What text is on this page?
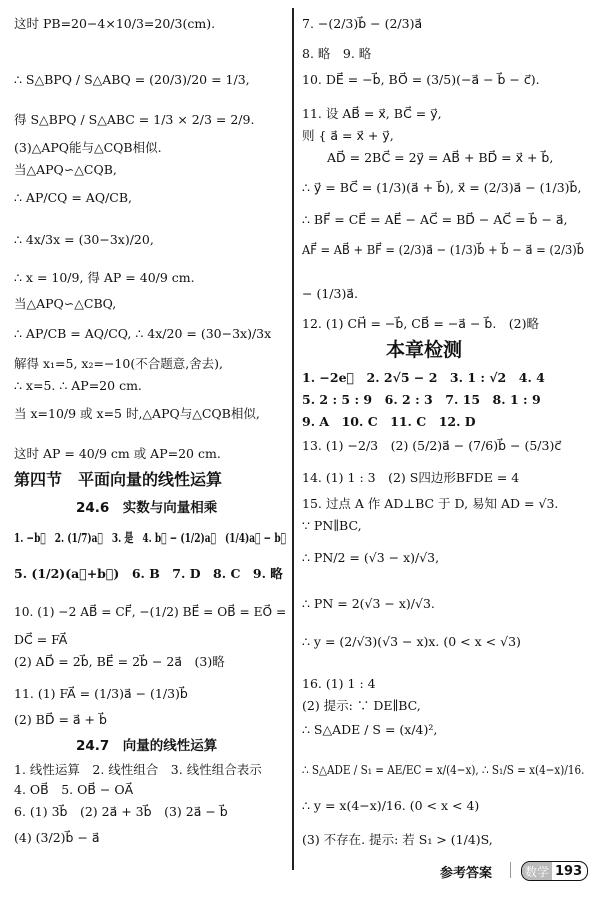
这时 PB=20−4×10/3=20/3(cm).
∴ S△BPQ / S△ABQ = (20/3)/20 = 1/3,
得 S△BPQ / S△ABC = 1/3 × 2/3 = 2/9.
(3)△APQ能与△CQB相似.
当△APQ∽△CQB,
∴ AP/CQ = AQ/CB,
∴ 4x/3x = (30−3x)/20,
∴ x = 10/9, 得 AP = 40/9 cm.
当△APQ∽△CBQ,
∴ AP/CB = AQ/CQ, ∴ 4x/20 = (30−3x)/3x
解得 x₁=5, x₂=−10(不合题意,舍去),
∴ x=5. ∴ AP=20 cm.
当 x=10/9 或 x=5 时,△APQ与△CQB相似,
这时 AP = 40/9 cm 或 AP=20 cm.
第四节　平面向量的线性运算
24.6　实数与向量相乘
1. −b⃗　2. (1/7)a⃗　3. 是　4. b⃗ − (1/2)a⃗　(1/4)a⃗ − b⃗
5. (1/2)(a⃗+b⃗)　6. B　7. D　8. C　9. 略
10. (1) −2 AB⃗ = CF⃗, −(1/2) BE⃗ = OB⃗ = EO⃗ =
DC⃗ = FA⃗
(2) AD⃗ = 2b⃗, BE⃗ = 2b⃗ − 2a⃗　(3)略
11. (1) FA⃗ = (1/3)a⃗ − (1/3)b⃗
(2) BD⃗ = a⃗ + b⃗
24.7　向量的线性运算
1. 线性运算　2. 线性组合　3. 线性组合表示
4. OB⃗　5. OB⃗ − OA⃗
6. (1) 3b⃗　(2) 2a⃗ + 3b⃗　(3) 2a⃗ − b⃗
(4) (3/2)b⃗ − a⃗
7. −(2/3)b⃗ − (2/3)a⃗
8. 略　9. 略
10. DE⃗ = −b⃗, BO⃗ = (3/5)(−a⃗ − b⃗ − c⃗).
11. 设 AB⃗ = x⃗, BC⃗ = y⃗,
则 { a⃗ = x⃗ + y⃗,
　　AD⃗ = 2BC⃗ = 2y⃗ = AB⃗ + BD⃗ = x⃗ + b⃗,
∴ y⃗ = BC⃗ = (1/3)(a⃗ + b⃗), x⃗ = (2/3)a⃗ − (1/3)b⃗,
∴ BF⃗ = CE⃗ = AE⃗ − AC⃗ = BD⃗ − AC⃗ = b⃗ − a⃗,
AF⃗ = AB⃗ + BF⃗ = (2/3)a⃗ − (1/3)b⃗ + b⃗ − a⃗ = (2/3)b⃗
− (1/3)a⃗.
12. (1) CH⃗ = −b⃗, CB⃗ = −a⃗ − b⃗.　(2)略
本章检测
1. −2e⃗　2. 2√5 − 2　3. 1 : √2　4. 4
5. 2 : 5 : 9　6. 2 : 3　7. 15　8. 1 : 9
9. A　10. C　11. C　12. D
13. (1) −2/3　(2) (5/2)a⃗ − (7/6)b⃗ − (5/3)c⃗
14. (1) 1 : 3　(2) S四边形BFDE = 4
15. 过点 A 作 AD⊥BC 于 D, 易知 AD = √3.
∵ PN∥BC,
∴ PN/2 = (√3 − x)/√3,
∴ PN = 2(√3 − x)/√3.
∴ y = (2/√3)(√3 − x)x. (0 < x < √3)
16. (1) 1 : 4
(2) 提示: ∵ DE∥BC,
∴ S△ADE / S = (x/4)²,
∴ S△ADE / S₁ = AE/EC = x/(4−x), ∴ S₁/S = x(4−x)/16.
∴ y = x(4−x)/16. (0 < x < 4)
(3) 不存在. 提示: 若 S₁ > (1/4)S,
参考答案	数学 193
